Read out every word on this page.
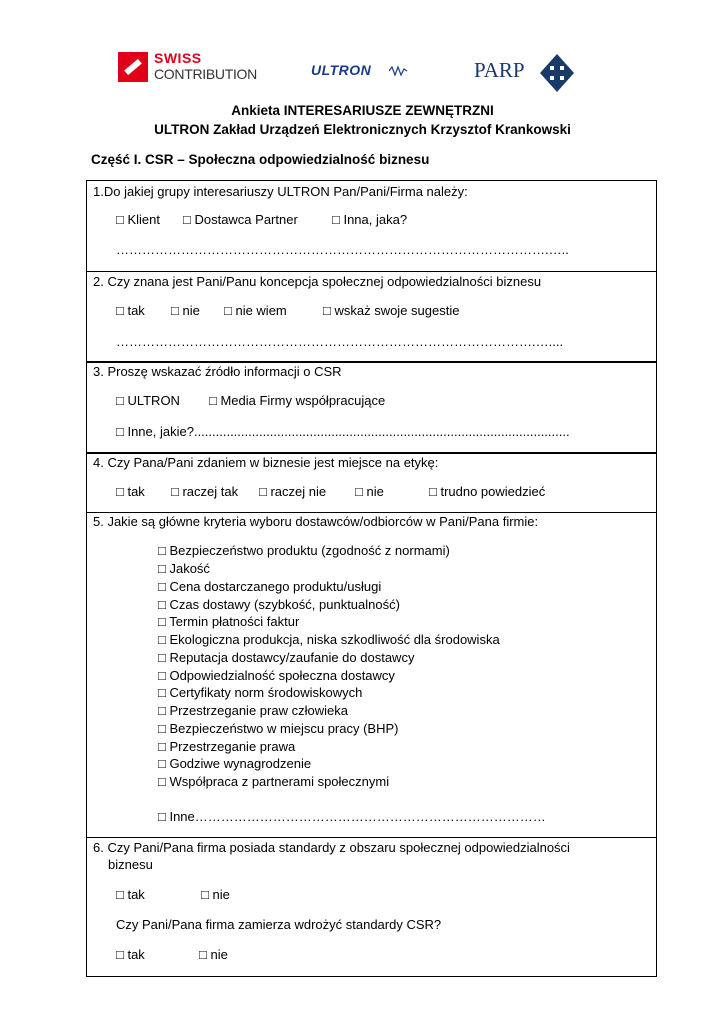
SWISS
CONTRIBUTION	ULTRON	PARP
Ankieta INTERESARIUSZE ZEWNĘTRZNI
ULTRON Zakład Urządzeń Elektronicznych Krzysztof Krankowski
Część I. CSR – Społeczna odpowiedzialność biznesu
1.Do jakiej grupy interesariuszy ULTRON Pan/Pani/Firma należy:
□ Klient □ Dostawca Partner	□ Inna, jaka?
……………………………………………………………………………………….…..
2. Czy znana jest Pani/Panu koncepcja społecznej odpowiedzialności biznesu
□ tak □ nie □ nie wiem	□ wskaż swoje sugestie
…………………………………………………………………………………….…....
3. Proszę wskazać źródło informacji o CSR
□ ULTRON □ Media Firmy współpracujące
□ Inne, jakie?........................................................................................................
4. Czy Pana/Pani zdaniem w biznesie jest miejsce na etykę:
□ tak □ raczej tak □ raczej nie □ nie	□ trudno powiedzieć
5. Jakie są główne kryteria wyboru dostawców/odbiorców w Pani/Pana firmie:
□ Bezpieczeństwo produktu (zgodność z normami)
□ Jakość
□ Cena dostarczanego produktu/usługi
□ Czas dostawy (szybkość, punktualność)
□ Termin płatności faktur
□ Ekologiczna produkcja, niska szkodliwość dla środowiska
□ Reputacja dostawcy/zaufanie do dostawcy
□ Odpowiedzialność społeczna dostawcy
□ Certyfikaty norm środowiskowych
□ Przestrzeganie praw człowieka
□ Bezpieczeństwo w miejscu pracy (BHP)
□ Przestrzeganie prawa
□ Godziwe wynagrodzenie
□ Współpraca z partnerami społecznymi
□ Inne………………………………………………………………………
6. Czy Pani/Pana firma posiada standardy z obszaru społecznej odpowiedzialności
biznesu
□ tak	□ nie
Czy Pani/Pana firma zamierza wdrożyć standardy CSR?
□ tak	□ nie
